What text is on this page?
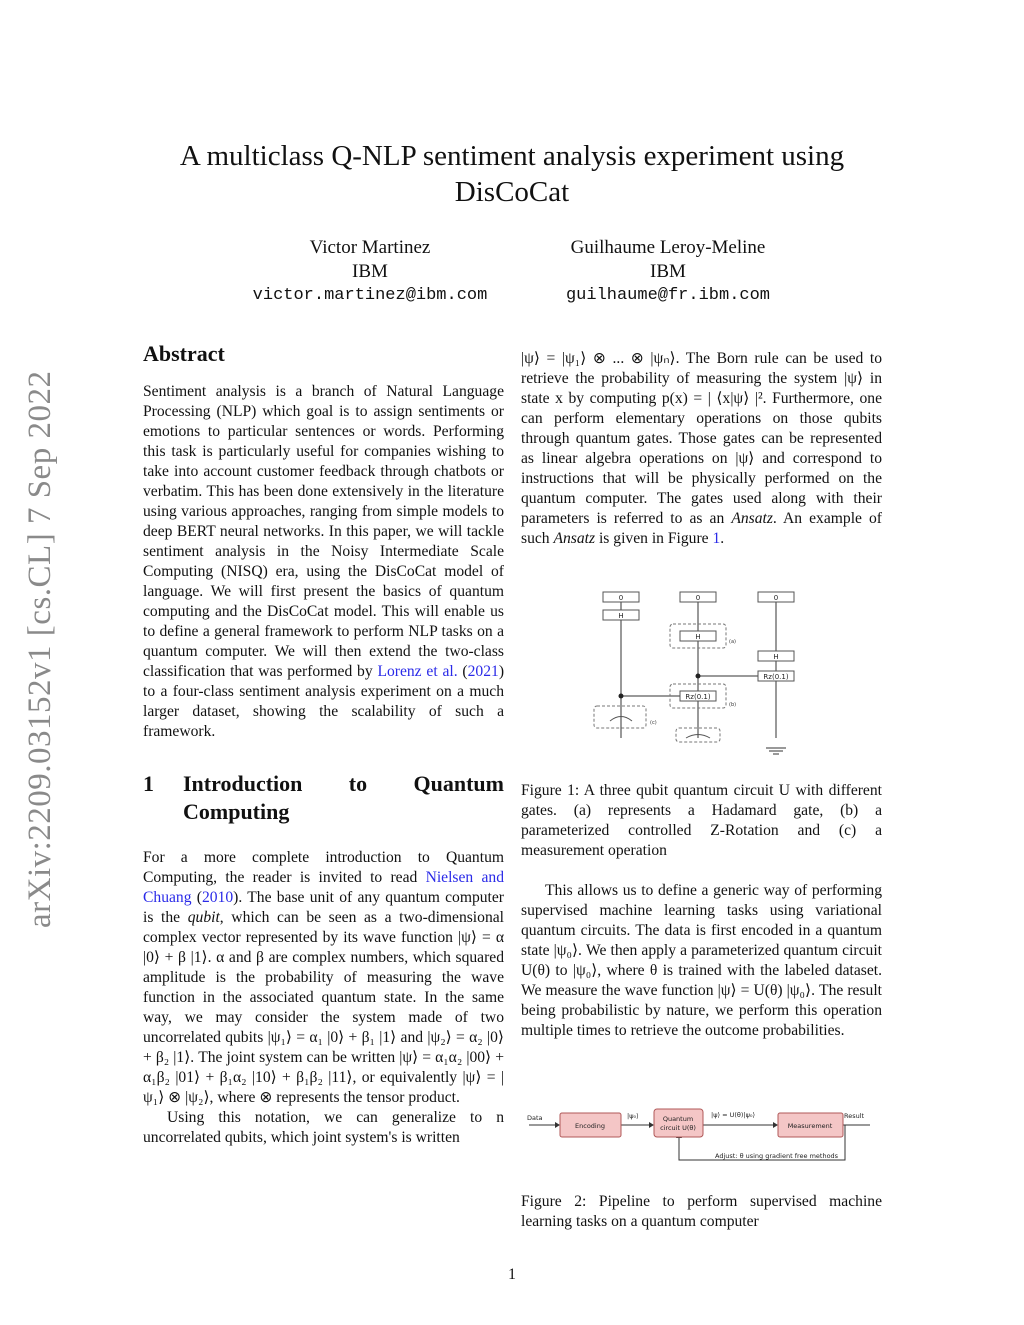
arXiv:2209.03152v1 [cs.CL] 7 Sep 2022
A multiclass Q-NLP sentiment analysis experiment using DisCoCat
Victor Martinez
IBM
victor.martinez@ibm.com
Guilhaume Leroy-Meline
IBM
guilhaume@fr.ibm.com
Abstract

Sentiment analysis is a branch of Natural Language Processing (NLP) which goal is to assign sentiments or emotions to particular sentences or words. Performing this task is particularly useful for companies wishing to take into account customer feedback through chatbots or verbatim. This has been done extensively in the literature using various approaches, ranging from simple models to deep BERT neural networks. In this paper, we will tackle sentiment analysis in the Noisy Intermediate Scale Computing (NISQ) era, using the DisCoCat model of language. We will first present the basics of quantum computing and the DisCoCat model. This will enable us to define a general framework to perform NLP tasks on a quantum computer. We will then extend the two-class classification that was performed by Lorenz et al. (2021) to a four-class sentiment analysis experiment on a much larger dataset, showing the scalability of such a framework.

1	Introduction to Quantum Computing

For a more complete introduction to Quantum Computing, the reader is invited to read Nielsen and Chuang (2010). The base unit of any quantum computer is the qubit, which can be seen as a two-dimensional complex vector represented by its wave function |ψ⟩ = α |0⟩ + β |1⟩. α and β are complex numbers, which squared amplitude is the probability of measuring the wave function in the associated quantum state. In the same way, we may consider the system made of two uncorrelated qubits |ψ₁⟩ = α₁ |0⟩ + β₁ |1⟩ and |ψ₂⟩ = α₂ |0⟩ + β₂ |1⟩. The joint system can be written |ψ⟩ = α₁α₂ |00⟩ + α₁β₂ |01⟩ + β₁α₂ |10⟩ + β₁β₂ |11⟩, or equivalently |ψ⟩ = |ψ₁⟩ ⊗ |ψ₂⟩, where ⊗ represents the tensor product.

Using this notation, we can generalize to n uncorrelated qubits, which joint system's is written

|ψ⟩ = |ψ₁⟩ ⊗ ... ⊗ |ψₙ⟩. The Born rule can be used to retrieve the probability of measuring the system |ψ⟩ in state x by computing p(x) = | ⟨x|ψ⟩ |². Furthermore, one can perform elementary operations on those qubits through quantum gates. Those gates can be represented as linear algebra operations on |ψ⟩ and correspond to instructions that will be physically performed on the quantum computer. The gates used along with their parameters is referred to as an Ansatz. An example of such Ansatz is given in Figure 1.

0	0	0
H
H
H
Rz(0.1)
Rz(0.1)
(a)
(b)
(c)
Figure 1: A three qubit quantum circuit U with different gates. (a) represents a Hadamard gate, (b) a parameterized controlled Z-Rotation and (c) a measurement operation

This allows us to define a generic way of performing supervised machine learning tasks using variational quantum circuits. The data is first encoded in a quantum state |ψ₀⟩. We then apply a parameterized quantum circuit U(θ) to |ψ₀⟩, where θ is trained with the labeled dataset. We measure the wave function |ψ⟩ = U(θ) |ψ₀⟩. The result being probabilistic by nature, we perform this operation multiple times to retrieve the outcome probabilities.

Data
Encoding
|ψ₀⟩	Quantum
circuit U(θ)
|ψ⟩ = U(θ)|ψ₀⟩
Measurement
Result
Adjust: θ using gradient free methods
Figure 2: Pipeline to perform supervised machine learning tasks on a quantum computer
1
